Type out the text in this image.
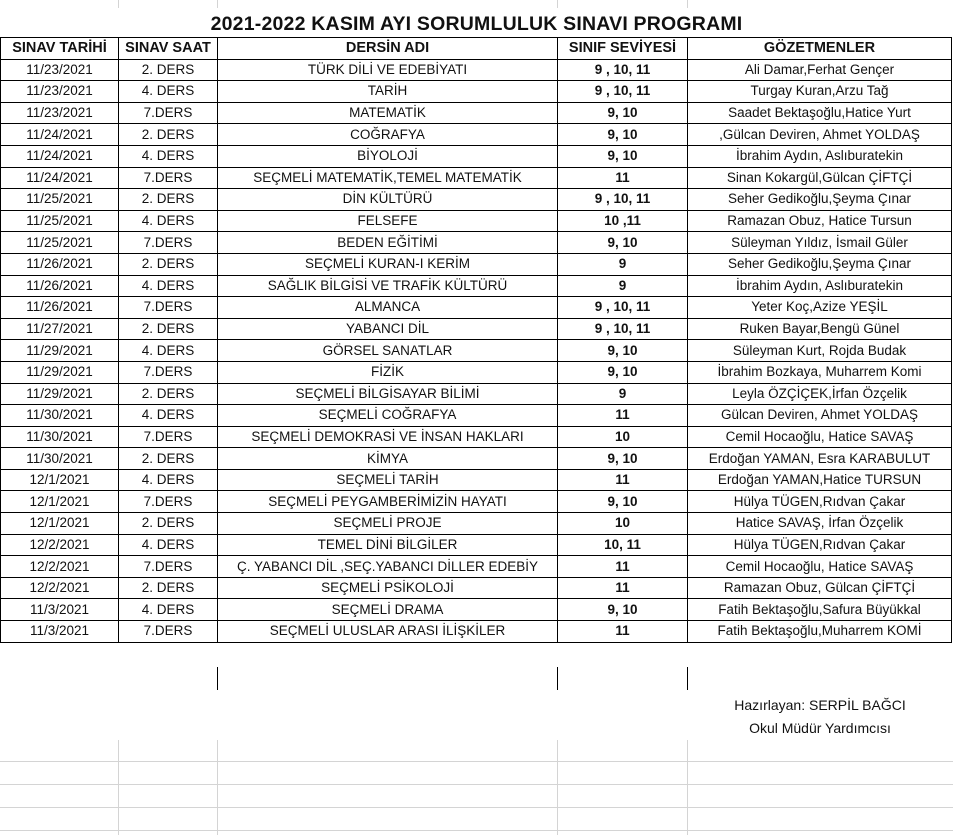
2021-2022 KASIM AYI SORUMLULUK SINAVI PROGRAMI
SINAV TARİHİ	SINAV SAAT	DERSİN ADI	SINIF SEVİYESİ	GÖZETMENLER
11/23/2021	2. DERS	TÜRK DİLİ VE EDEBİYATI	9 , 10, 11	Ali Damar,Ferhat Gençer
11/23/2021	4. DERS	TARİH	9 , 10, 11	Turgay Kuran,Arzu Tağ
11/23/2021	7.DERS	MATEMATİK	9, 10	Saadet Bektaşoğlu,Hatice Yurt
11/24/2021	2. DERS	COĞRAFYA	9, 10	,Gülcan Deviren, Ahmet YOLDAŞ
11/24/2021	4. DERS	BİYOLOJİ	9, 10	İbrahim Aydın, Aslıburatekin
11/24/2021	7.DERS	SEÇMELİ MATEMATİK,TEMEL MATEMATİK	11	Sinan Kokargül,Gülcan ÇİFTÇİ
11/25/2021	2. DERS	DİN KÜLTÜRÜ	9 , 10, 11	Seher Gedikoğlu,Şeyma Çınar
11/25/2021	4. DERS	FELSEFE	10 ,11	Ramazan Obuz, Hatice Tursun
11/25/2021	7.DERS	BEDEN EĞİTİMİ	9, 10	Süleyman Yıldız, İsmail Güler
11/26/2021	2. DERS	SEÇMELİ KURAN-I KERİM	9	Seher Gedikoğlu,Şeyma Çınar
11/26/2021	4. DERS	SAĞLIK BİLGİSİ VE TRAFİK KÜLTÜRÜ	9	İbrahim Aydın, Aslıburatekin
11/26/2021	7.DERS	ALMANCA	9 , 10, 11	Yeter Koç,Azize YEŞİL
11/27/2021	2. DERS	YABANCI DİL	9 , 10, 11	Ruken Bayar,Bengü Günel
11/29/2021	4. DERS	GÖRSEL SANATLAR	9, 10	Süleyman Kurt, Rojda Budak
11/29/2021	7.DERS	FİZİK	9, 10	İbrahim Bozkaya, Muharrem Komi
11/29/2021	2. DERS	SEÇMELİ BİLGİSAYAR BİLİMİ	9	Leyla ÖZÇİÇEK,İrfan Özçelik
11/30/2021	4. DERS	SEÇMELİ COĞRAFYA	11	Gülcan Deviren, Ahmet YOLDAŞ
11/30/2021	7.DERS	SEÇMELİ DEMOKRASİ VE İNSAN HAKLARI	10	Cemil Hocaoğlu, Hatice SAVAŞ
11/30/2021	2. DERS	KİMYA	9, 10	Erdoğan YAMAN, Esra KARABULUT
12/1/2021	4. DERS	SEÇMELİ TARİH	11	Erdoğan YAMAN,Hatice TURSUN
12/1/2021	7.DERS	SEÇMELİ PEYGAMBERİMİZİN HAYATI	9, 10	Hülya TÜGEN,Rıdvan Çakar
12/1/2021	2. DERS	SEÇMELİ PROJE	10	Hatice SAVAŞ, İrfan Özçelik
12/2/2021	4. DERS	TEMEL DİNİ BİLGİLER	10, 11	Hülya TÜGEN,Rıdvan Çakar
12/2/2021	7.DERS	Ç. YABANCI DİL ,SEÇ.YABANCI DİLLER EDEBİY	11	Cemil Hocaoğlu, Hatice SAVAŞ
12/2/2021	2. DERS	SEÇMELİ PSİKOLOJİ	11	Ramazan Obuz, Gülcan ÇİFTÇİ
11/3/2021	4. DERS	SEÇMELİ DRAMA	9, 10	Fatih Bektaşoğlu,Safura Büyükkal
11/3/2021	7.DERS	SEÇMELİ ULUSLAR ARASI İLİŞKİLER	11	Fatih Bektaşoğlu,Muharrem KOMİ
Hazırlayan: SERPİL BAĞCI
Okul Müdür Yardımcısı
